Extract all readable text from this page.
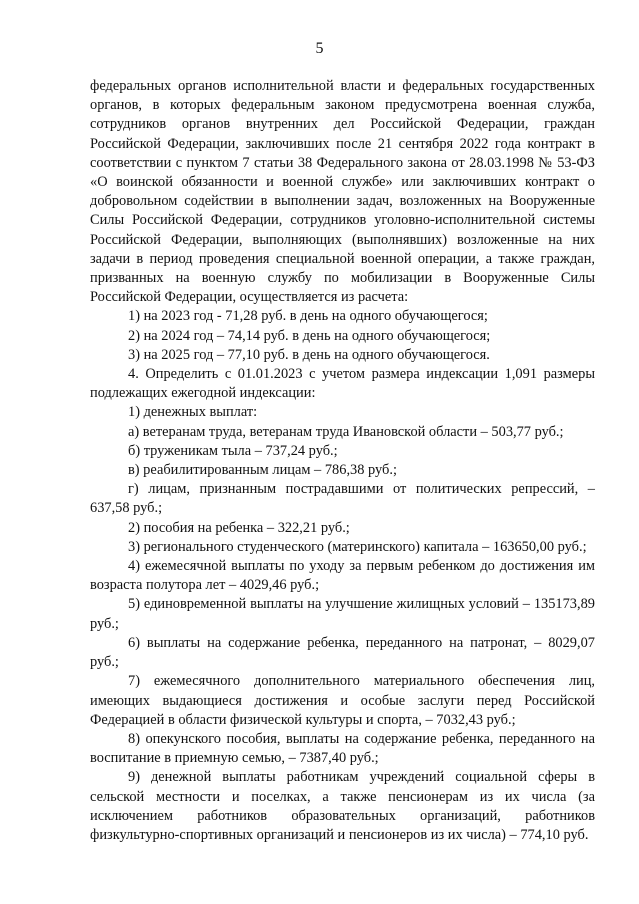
5

федеральных органов исполнительной власти и федеральных государственных органов, в которых федеральным законом предусмотрена военная служба, сотрудников органов внутренних дел Российской Федерации, граждан Российской Федерации, заключивших после 21 сентября 2022 года контракт в соответствии с пунктом 7 статьи 38 Федерального закона от 28.03.1998 № 53-ФЗ «О воинской обязанности и военной службе» или заключивших контракт о добровольном содействии в выполнении задач, возложенных на Вооруженные Силы Российской Федерации, сотрудников уголовно-исполнительной системы Российской Федерации, выполняющих (выполнявших) возложенные на них задачи в период проведения специальной военной операции, а также граждан, призванных на военную службу по мобилизации в Вооруженные Силы Российской Федерации, осуществляется из расчета:

1) на 2023 год - 71,28 руб. в день на одного обучающегося;

2) на 2024 год – 74,14 руб. в день на одного обучающегося;

3) на 2025 год – 77,10 руб. в день на одного обучающегося.

4. Определить с 01.01.2023 с учетом размера индексации 1,091 размеры подлежащих ежегодной индексации:

1) денежных выплат:

а) ветеранам труда, ветеранам труда Ивановской области – 503,77 руб.;

б) труженикам тыла – 737,24 руб.;

в) реабилитированным лицам – 786,38 руб.;

г) лицам, признанным пострадавшими от политических репрессий, – 637,58 руб.;

2) пособия на ребенка – 322,21 руб.;

3) регионального студенческого (материнского) капитала – 163650,00 руб.;

4) ежемесячной выплаты по уходу за первым ребенком до достижения им возраста полутора лет – 4029,46 руб.;

5) единовременной выплаты на улучшение жилищных условий – 135173,89 руб.;

6) выплаты на содержание ребенка, переданного на патронат, – 8029,07 руб.;

7) ежемесячного дополнительного материального обеспечения лиц, имеющих выдающиеся достижения и особые заслуги перед Российской Федерацией в области физической культуры и спорта, – 7032,43 руб.;

8) опекунского пособия, выплаты на содержание ребенка, переданного на воспитание в приемную семью, – 7387,40 руб.;

9) денежной выплаты работникам учреждений социальной сферы в сельской местности и поселках, а также пенсионерам из их числа (за исключением работников образовательных организаций, работников физкультурно-спортивных организаций и пенсионеров из их числа) – 774,10 руб.
